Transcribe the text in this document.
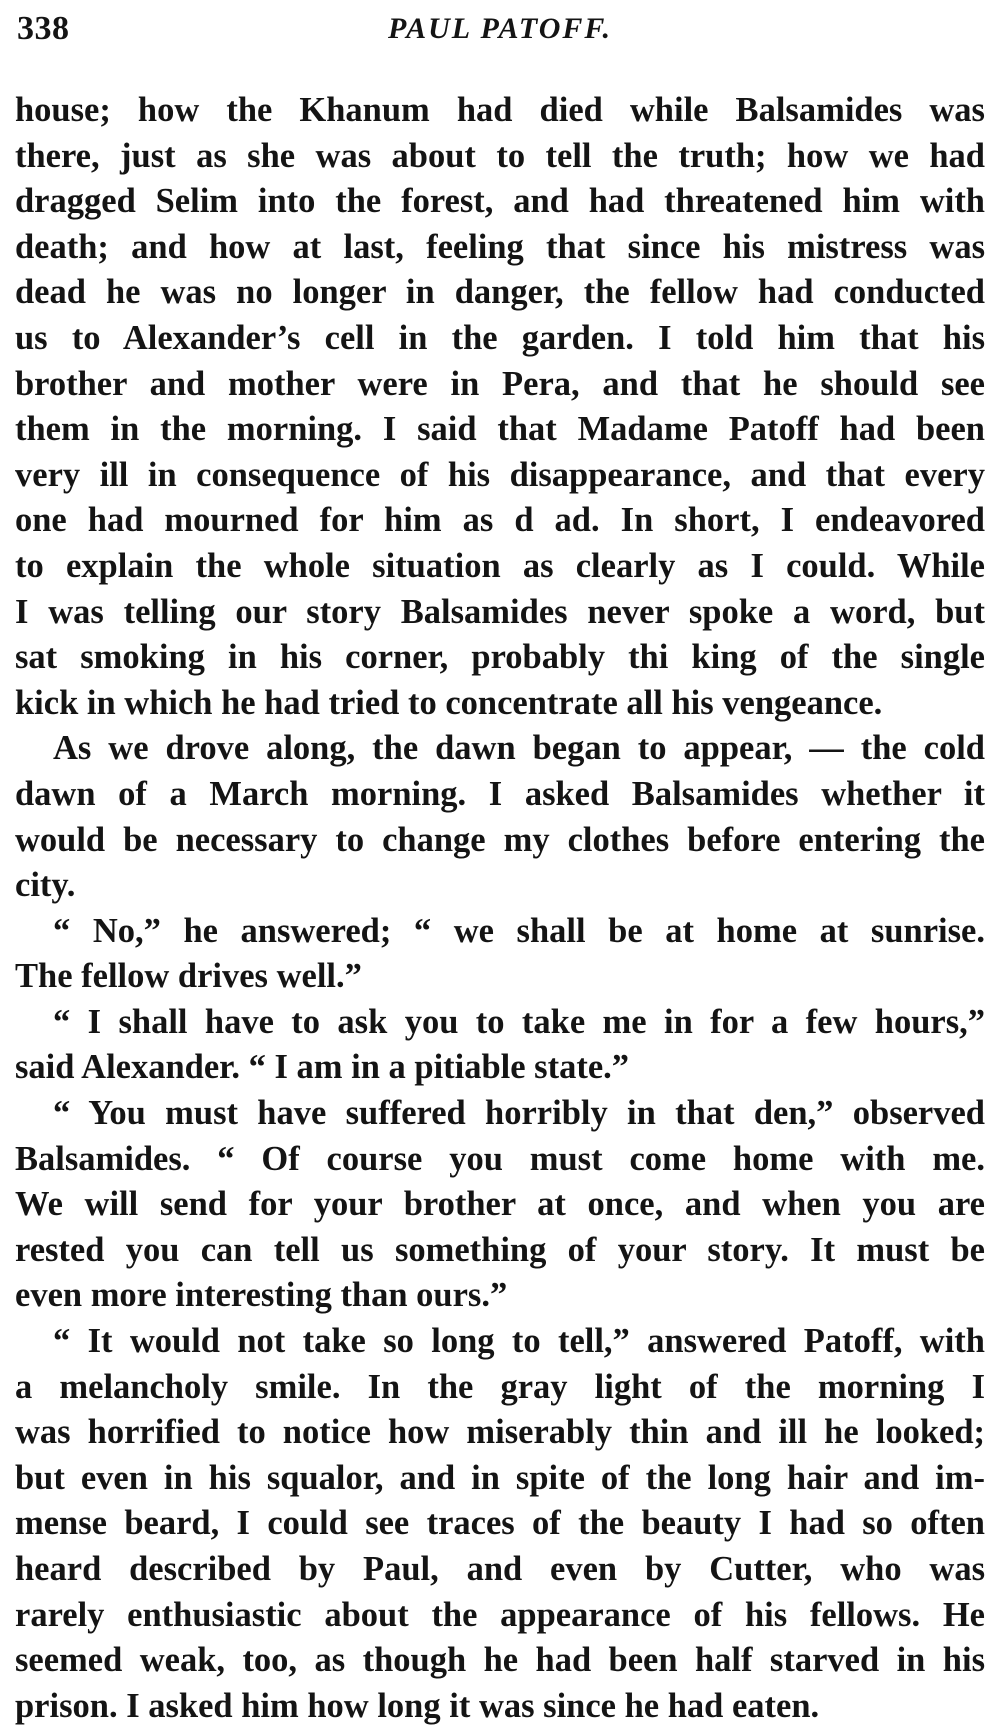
338	PAUL PATOFF.
house; how the Khanum had died while Balsamides was
there, just as she was about to tell the truth; how we had
dragged Selim into the forest, and had threatened him with
death; and how at last, feeling that since his mistress was
dead he was no longer in danger, the fellow had conducted
us to Alexander’s cell in the garden. I told him that his
brother and mother were in Pera, and that he should see
them in the morning. I said that Madame Patoff had been
very ill in consequence of his disappearance, and that every
one had mourned for him as d ad. In short, I endeavored
to explain the whole situation as clearly as I could. While
I was telling our story Balsamides never spoke a word, but
sat smoking in his corner, probably thi king of the single
kick in which he had tried to concentrate all his vengeance.
As we drove along, the dawn began to appear, — the cold
dawn of a March morning. I asked Balsamides whether it
would be necessary to change my clothes before entering the
city.
“ No,” he answered; “ we shall be at home at sunrise.
The fellow drives well.”
“ I shall have to ask you to take me in for a few hours,”
said Alexander. “ I am in a pitiable state.”
“ You must have suffered horribly in that den,” observed
Balsamides. “ Of course you must come home with me.
We will send for your brother at once, and when you are
rested you can tell us something of your story. It must be
even more interesting than ours.”
“ It would not take so long to tell,” answered Patoff, with
a melancholy smile. In the gray light of the morning I
was horrified to notice how miserably thin and ill he looked;
but even in his squalor, and in spite of the long hair and im-
mense beard, I could see traces of the beauty I had so often
heard described by Paul, and even by Cutter, who was
rarely enthusiastic about the appearance of his fellows. He
seemed weak, too, as though he had been half starved in his
prison. I asked him how long it was since he had eaten.
